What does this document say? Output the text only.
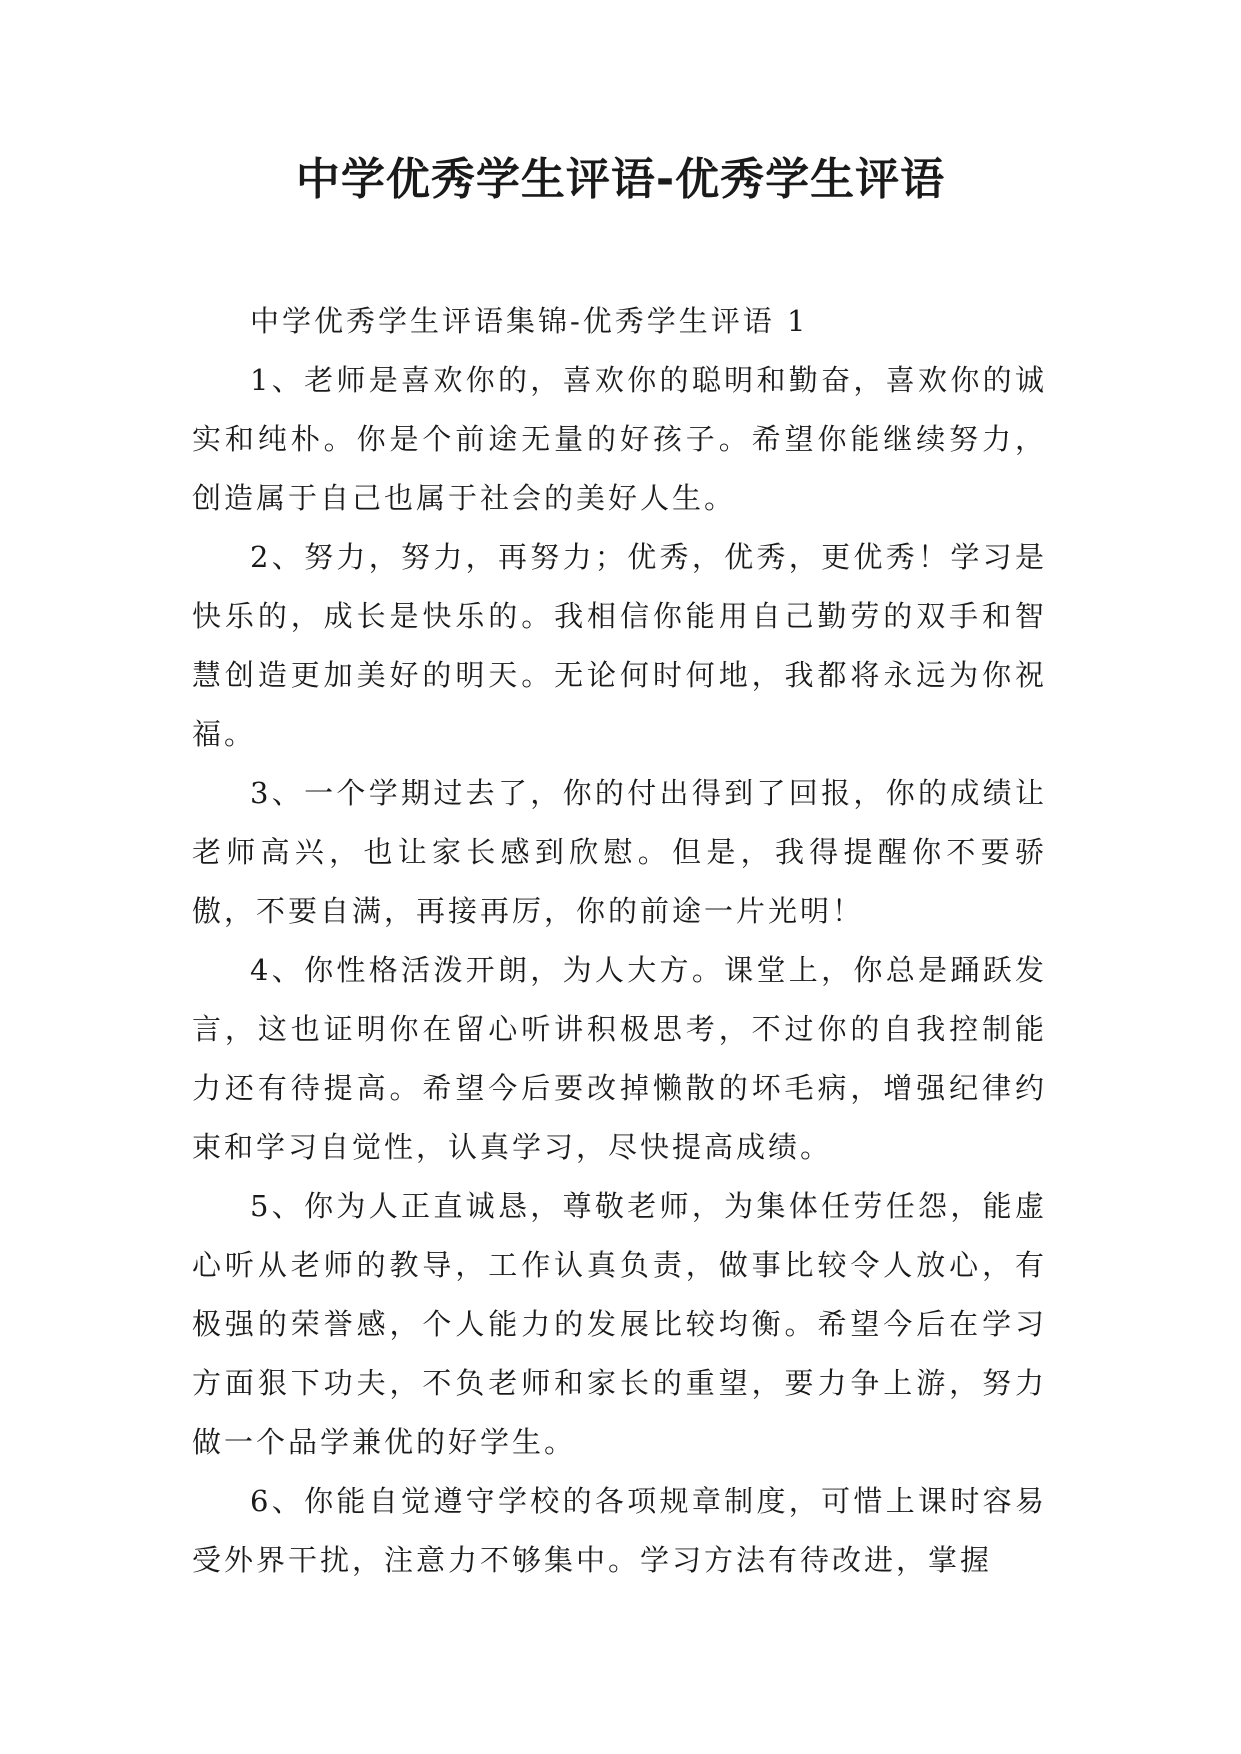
中学优秀学生评语-优秀学生评语

中学优秀学生评语集锦-优秀学生评语 1

1、老师是喜欢你的，喜欢你的聪明和勤奋，喜欢你的诚实和纯朴。你是个前途无量的好孩子。希望你能继续努力，创造属于自己也属于社会的美好人生。

2、努力，努力，再努力；优秀，优秀，更优秀！学习是快乐的，成长是快乐的。我相信你能用自己勤劳的双手和智慧创造更加美好的明天。无论何时何地，我都将永远为你祝福。

3、一个学期过去了，你的付出得到了回报，你的成绩让老师高兴，也让家长感到欣慰。但是，我得提醒你不要骄傲，不要自满，再接再厉，你的前途一片光明！

4、你性格活泼开朗，为人大方。课堂上，你总是踊跃发言，这也证明你在留心听讲积极思考，不过你的自我控制能力还有待提高。希望今后要改掉懒散的坏毛病，增强纪律约束和学习自觉性，认真学习，尽快提高成绩。

5、你为人正直诚恳，尊敬老师，为集体任劳任怨，能虚心听从老师的教导，工作认真负责，做事比较令人放心，有极强的荣誉感，个人能力的发展比较均衡。希望今后在学习方面狠下功夫，不负老师和家长的重望，要力争上游，努力做一个品学兼优的好学生。

6、你能自觉遵守学校的各项规章制度，可惜上课时容易受外界干扰，注意力不够集中。学习方法有待改进，掌握
